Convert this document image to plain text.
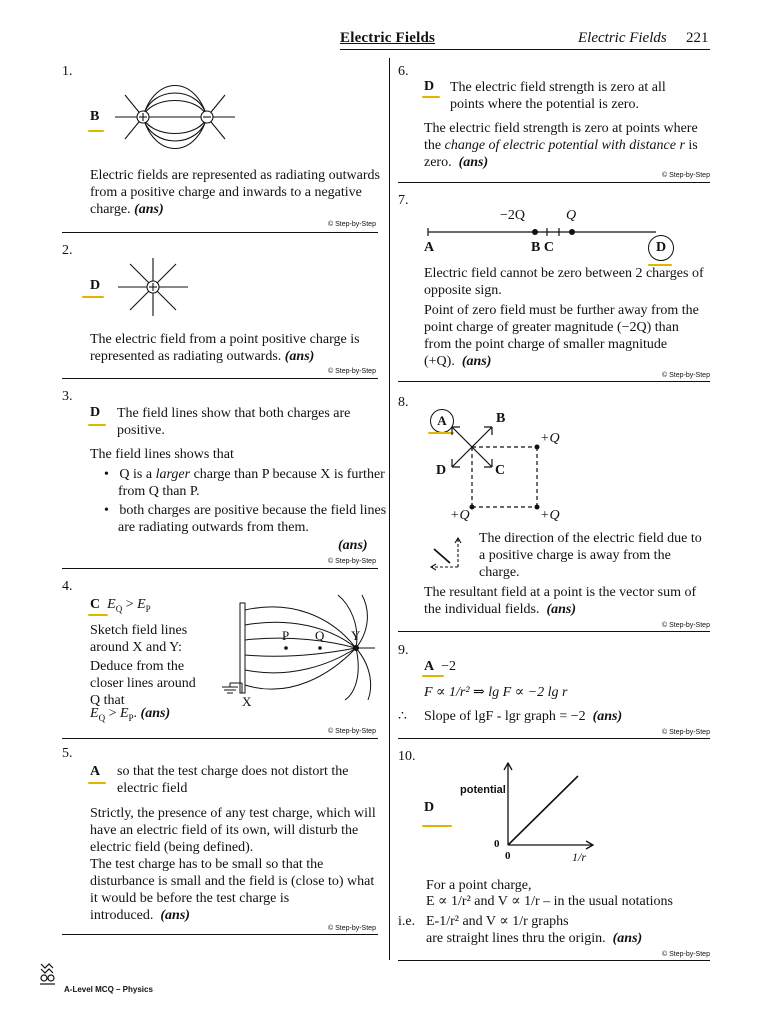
Electric Fields	Electric Fields 221
1.
B
Electric fields are represented as radiating outwards from a positive charge and inwards to a negative charge. (ans)
© Step-by-Step
2.
D
The electric field from a point positive charge is represented as radiating outwards. (ans)
© Step-by-Step
3.
D The field lines show that both charges are positive.
The field lines shows that
•   Q is a larger charge than P because X is further from Q than P.
•   both charges are positive because the field lines are radiating outwards from them.
(ans)
© Step-by-Step
4.
C $E_Q > E_P$
Sketch field lines around X and Y:
Deduce from the closer lines around Q that
$E_Q > E_P$. (ans)
P Q Y
X
© Step-by-Step
5.
A so that the test charge does not distort the electric field
Strictly, the presence of any test charge, which will have an electric field of its own, will disturb the electric field (being defined).
The test charge has to be small so that the disturbance is small and the field is (close to) what it would be before the test charge is introduced. (ans)
© Step-by-Step
A-Level MCQ – Physics
6.
D The electric field strength is zero at all points where the potential is zero.
The electric field strength is zero at points where the change of electric potential with distance r is zero. (ans)
© Step-by-Step
7.
−2Q	Q
A	B C	D
Electric field cannot be zero between 2 charges of opposite sign.
Point of zero field must be further away from the point charge of greater magnitude (−2Q) than from the point charge of smaller magnitude (+Q). (ans)
© Step-by-Step
8.
A	B
D	C
+Q
+Q	+Q
The direction of the electric field due to a positive charge is away from the charge.
The resultant field at a point is the vector sum of the individual fields. (ans)
© Step-by-Step
9.
A −2
F ∝ 1/r² ⇒ lg F ∝ −2 lg r
∴ Slope of lgF - lgr graph = −2 (ans)
© Step-by-Step
10.
D
potential
0
0	1/r
For a point charge,
E ∝ 1/r² and V ∝ 1/r – in the usual notations
i.e. E-1/r² and V ∝ 1/r graphs
are straight lines thru the origin. (ans)
© Step-by-Step
